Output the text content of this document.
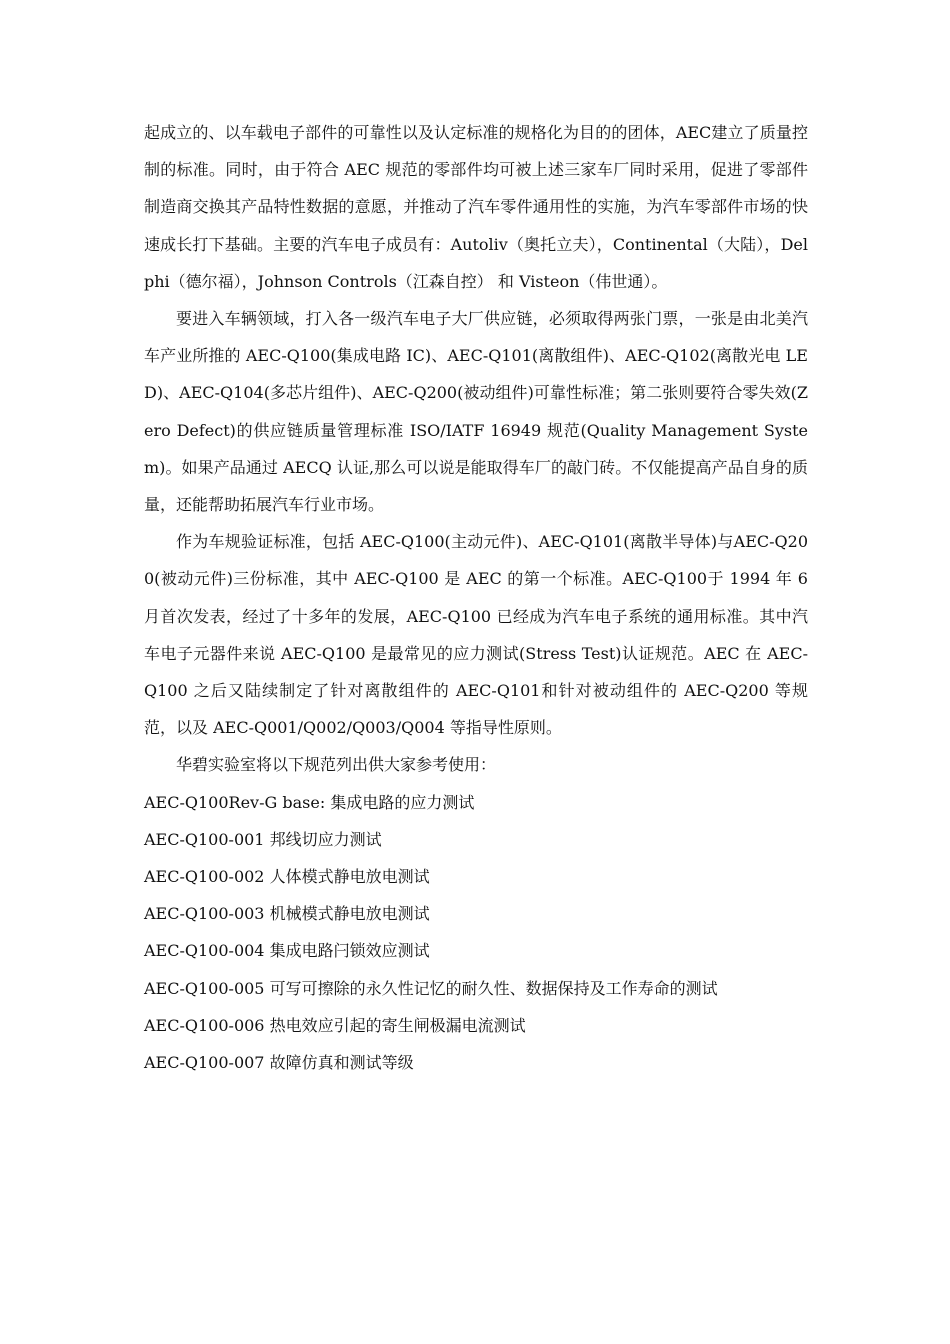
起成立的、以车载电子部件的可靠性以及认定标准的规格化为目的的团体，AEC建立了质量控制的标准。同时，由于符合 AEC 规范的零部件均可被上述三家车厂同时采用，促进了零部件制造商交换其产品特性数据的意愿，并推动了汽车零件通用性的实施，为汽车零部件市场的快速成长打下基础。主要的汽车电子成员有：Autoliv（奥托立夫），Continental（大陆），Delphi（德尔福），Johnson Controls（江森自控） 和 Visteon（伟世通）。

要进入车辆领域，打入各一级汽车电子大厂供应链，必须取得两张门票，一张是由北美汽车产业所推的 AEC-Q100(集成电路 IC)、AEC-Q101(离散组件)、AEC-Q102(离散光电 LED)、AEC-Q104(多芯片组件)、AEC-Q200(被动组件)可靠性标准；第二张则要符合零失效(Zero Defect)的供应链质量管理标准 ISO/IATF 16949 规范(Quality Management System)。如果产品通过 AECQ 认证,那么可以说是能取得车厂的敲门砖。不仅能提高产品自身的质量，还能帮助拓展汽车行业市场。

作为车规验证标准，包括 AEC-Q100(主动元件)、AEC-Q101(离散半导体)与AEC-Q200(被动元件)三份标准，其中 AEC-Q100 是 AEC 的第一个标准。AEC-Q100于 1994 年 6 月首次发表，经过了十多年的发展，AEC-Q100 已经成为汽车电子系统的通用标准。其中汽车电子元器件来说 AEC-Q100 是最常见的应力测试(Stress Test)认证规范。AEC 在 AEC-Q100 之后又陆续制定了针对离散组件的 AEC-Q101和针对被动组件的 AEC-Q200 等规范，以及 AEC-Q001/Q002/Q003/Q004 等指导性原则。

华碧实验室将以下规范列出供大家参考使用：

AEC-Q100Rev-G base: 集成电路的应力测试
AEC-Q100-001 邦线切应力测试
AEC-Q100-002 人体模式静电放电测试
AEC-Q100-003 机械模式静电放电测试
AEC-Q100-004 集成电路闩锁效应测试
AEC-Q100-005 可写可擦除的永久性记忆的耐久性、数据保持及工作寿命的测试
AEC-Q100-006 热电效应引起的寄生闸极漏电流测试
AEC-Q100-007 故障仿真和测试等级
